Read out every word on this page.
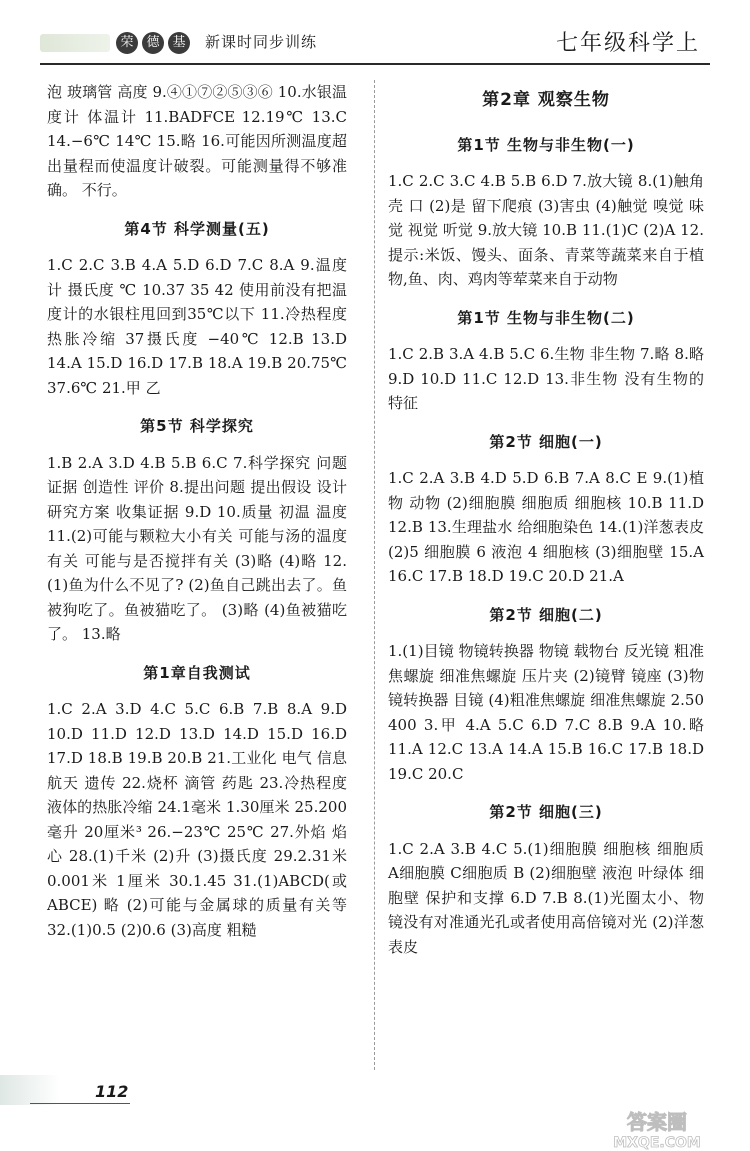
荣 德 基	新课时同步训练	七年级科学上

泡 玻璃管 高度 9.④①⑦②⑤③⑥ 10.水银温度计 体温计 11.BADFCE 12.19℃ 13.C 14.−6℃ 14℃ 15.略 16.可能因所测温度超出量程而使温度计破裂。可能测量得不够准确。 不行。

第4节 科学测量(五)

1.C 2.C 3.B 4.A 5.D 6.D 7.C 8.A 9.温度计 摄氏度 ℃ 10.37 35 42 使用前没有把温度计的水银柱甩回到35℃以下 11.冷热程度 热胀冷缩 37摄氏度 −40℃ 12.B 13.D 14.A 15.D 16.D 17.B 18.A 19.B 20.75℃ 37.6℃ 21.甲 乙

第5节 科学探究

1.B 2.A 3.D 4.B 5.B 6.C 7.科学探究 问题 证据 创造性 评价 8.提出问题 提出假设 设计研究方案 收集证据 9.D 10.质量 初温 温度 11.(2)可能与颗粒大小有关 可能与汤的温度有关 可能与是否搅拌有关 (3)略 (4)略 12.(1)鱼为什么不见了? (2)鱼自己跳出去了。鱼被狗吃了。鱼被猫吃了。 (3)略 (4)鱼被猫吃了。 13.略

第1章自我测试

1.C 2.A 3.D 4.C 5.C 6.B 7.B 8.A 9.D 10.D 11.D 12.D 13.D 14.D 15.D 16.D 17.D 18.B 19.B 20.B 21.工业化 电气 信息 航天 遗传 22.烧杯 滴管 药匙 23.冷热程度 液体的热胀冷缩 24.1毫米 1.30厘米 25.200毫升 20厘米³ 26.−23℃ 25℃ 27.外焰 焰心 28.(1)千米 (2)升 (3)摄氏度 29.2.31米 0.001米 1厘米 30.1.45 31.(1)ABCD(或ABCE) 略 (2)可能与金属球的质量有关等 32.(1)0.5 (2)0.6 (3)高度 粗糙

第2章 观察生物
第1节 生物与非生物(一)

1.C 2.C 3.C 4.B 5.B 6.D 7.放大镜 8.(1)触角 壳 口 (2)是 留下爬痕 (3)害虫 (4)触觉 嗅觉 味觉 视觉 听觉 9.放大镜 10.B 11.(1)C (2)A 12.提示:米饭、馒头、面条、青菜等蔬菜来自于植物,鱼、肉、鸡肉等荤菜来自于动物

第1节 生物与非生物(二)

1.C 2.B 3.A 4.B 5.C 6.生物 非生物 7.略 8.略 9.D 10.D 11.C 12.D 13.非生物 没有生物的特征

第2节 细胞(一)

1.C 2.A 3.B 4.D 5.D 6.B 7.A 8.C E 9.(1)植物 动物 (2)细胞膜 细胞质 细胞核 10.B 11.D 12.B 13.生理盐水 给细胞染色 14.(1)洋葱表皮 (2)5 细胞膜 6 液泡 4 细胞核 (3)细胞壁 15.A 16.C 17.B 18.D 19.C 20.D 21.A

第2节 细胞(二)

1.(1)目镜 物镜转换器 物镜 载物台 反光镜 粗准焦螺旋 细准焦螺旋 压片夹 (2)镜臂 镜座 (3)物镜转换器 目镜 (4)粗准焦螺旋 细准焦螺旋 2.50 400 3.甲 4.A 5.C 6.D 7.C 8.B 9.A 10.略 11.A 12.C 13.A 14.A 15.B 16.C 17.B 18.D 19.C 20.C

第2节 细胞(三)

1.C 2.A 3.B 4.C 5.(1)细胞膜 细胞核 细胞质 A细胞膜 C细胞质 B (2)细胞壁 液泡 叶绿体 细胞壁 保护和支撑 6.D 7.B 8.(1)光圈太小、物镜没有对准通光孔或者使用高倍镜对光 (2)洋葱表皮

112
答案圈
MXQE.COM
